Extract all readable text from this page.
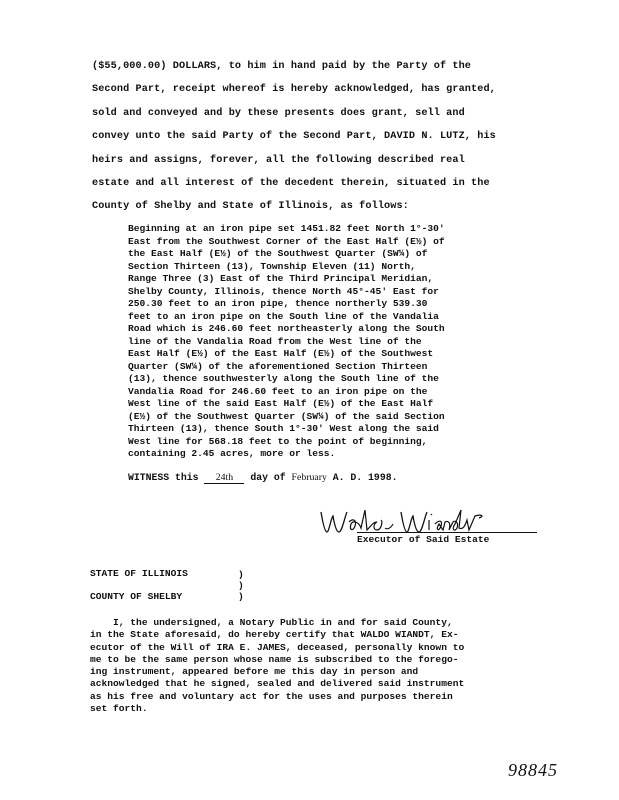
($55,000.00) DOLLARS, to him in hand paid by the Party of the
Second Part, receipt whereof is hereby acknowledged, has granted,
sold and conveyed and by these presents does grant, sell and
convey unto the said Party of the Second Part, DAVID N. LUTZ, his
heirs and assigns, forever, all the following described real
estate and all interest of the decedent therein, situated in the
County of Shelby and State of Illinois, as follows:
Beginning at an iron pipe set 1451.82 feet North 1°-30'
East from the Southwest Corner of the East Half (E½) of
the East Half (E½) of the Southwest Quarter (SW¼) of
Section Thirteen (13), Township Eleven (11) North,
Range Three (3) East of the Third Principal Meridian,
Shelby County, Illinois, thence North 45°-45' East for
250.30 feet to an iron pipe, thence northerly 539.30
feet to an iron pipe on the South line of the Vandalia
Road which is 246.60 feet northeasterly along the South
line of the Vandalia Road from the West line of the
East Half (E½) of the East Half (E½) of the Southwest
Quarter (SW¼) of the aforementioned Section Thirteen
(13), thence southwesterly along the South line of the
Vandalia Road for 246.60 feet to an iron pipe on the
West line of the said East Half (E½) of the East Half
(E½) of the Southwest Quarter (SW¼) of the said Section
Thirteen (13), thence South 1°-30' West along the said
West line for 568.18 feet to the point of beginning,
containing 2.45 acres, more or less.
WITNESS this 24th day of February A. D. 1998.
Executor of Said Estate
STATE OF ILLINOIS	)
)
COUNTY OF SHELBY	)
I, the undersigned, a Notary Public in and for said County,
in the State aforesaid, do hereby certify that WALDO WIANDT, Ex-
ecutor of the Will of IRA E. JAMES, deceased, personally known to
me to be the same person whose name is subscribed to the forego-
ing instrument, appeared before me this day in person and
acknowledged that he signed, sealed and delivered said instrument
as his free and voluntary act for the uses and purposes therein
set forth.
98845
